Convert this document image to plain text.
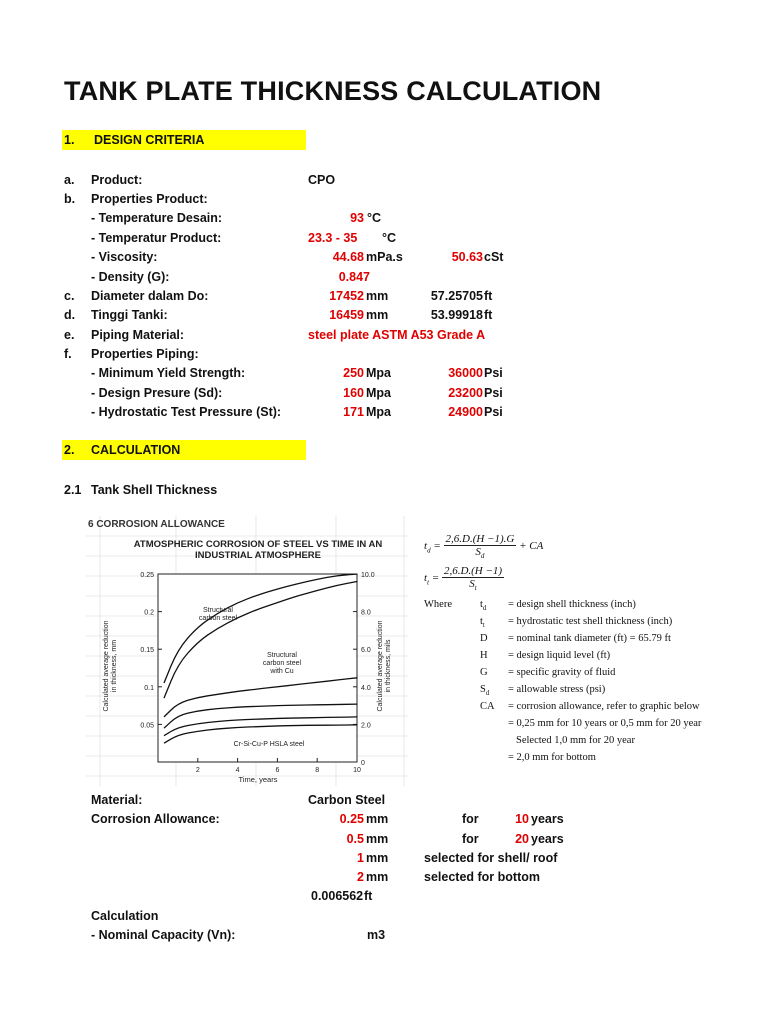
TANK PLATE THICKNESS CALCULATION
1. DESIGN CRITERIA
a. Product:	CPO
b. Properties Product:
- Temperature Desain:	93 °C
- Temperatur Product:	23.3 - 35 °C
- Viscosity:	44.68 mPa.s	50.63 cSt
- Density (G):	0.847
c. Diameter dalam Do:	17452 mm	57.25705 ft
d. Tinggi Tanki:	16459 mm	53.99918 ft
e. Piping Material:	steel plate ASTM A53 Grade A
f. Properties Piping:
- Minimum Yield Strength:	250 Mpa	36000 Psi
- Design Presure (Sd):	160 Mpa	23200 Psi
- Hydrostatic Test Pressure (St):	171 Mpa	24900 Psi
2. CALCULATION
2.1 Tank Shell Thickness
6 CORROSION ALLOWANCE
ATMOSPHERIC CORROSION OF STEEL VS TIME IN AN
INDUSTRIAL ATMOSPHERE
0.25
0.2
0.15
0.1
0.05
10.0
8.0
6.0
4.0
2.0
0
2	4	6	8	10
Calculated average reduction in thickness, mm	Calculated average reduction in thickness, mils
Time, years
Structural
carbon steel
Structural
carbon steel
with Cu
Cr-Si-Cu-P HSLA steel
$t_d = \frac{2,6.D.(H -1).G}{S_d}$ + CA
$t_t = \frac{2,6.D.(H -1)}{S_t}$
Where	$t_d$ = design shell thickness (inch)
$t_t$ = hydrostatic test shell thickness (inch)
D = nominal tank diameter (ft) = 65.79 ft
H = design liquid level (ft)
G = specific gravity of fluid
$S_d$ = allowable stress (psi)
CA = corrosion allowance, refer to graphic below
= 0,25 mm for 10 years or 0,5 mm for 20 year
Selected 1,0 mm for 20 year
= 2,0 mm for bottom
Material:	Carbon Steel
Corrosion Allowance:	0.25 mm	for	10 years
0.5 mm	for	20 years
1 mm	selected for shell/ roof
2 mm	selected for bottom
0.006562 ft
Calculation
- Nominal Capacity (Vn):	m3
